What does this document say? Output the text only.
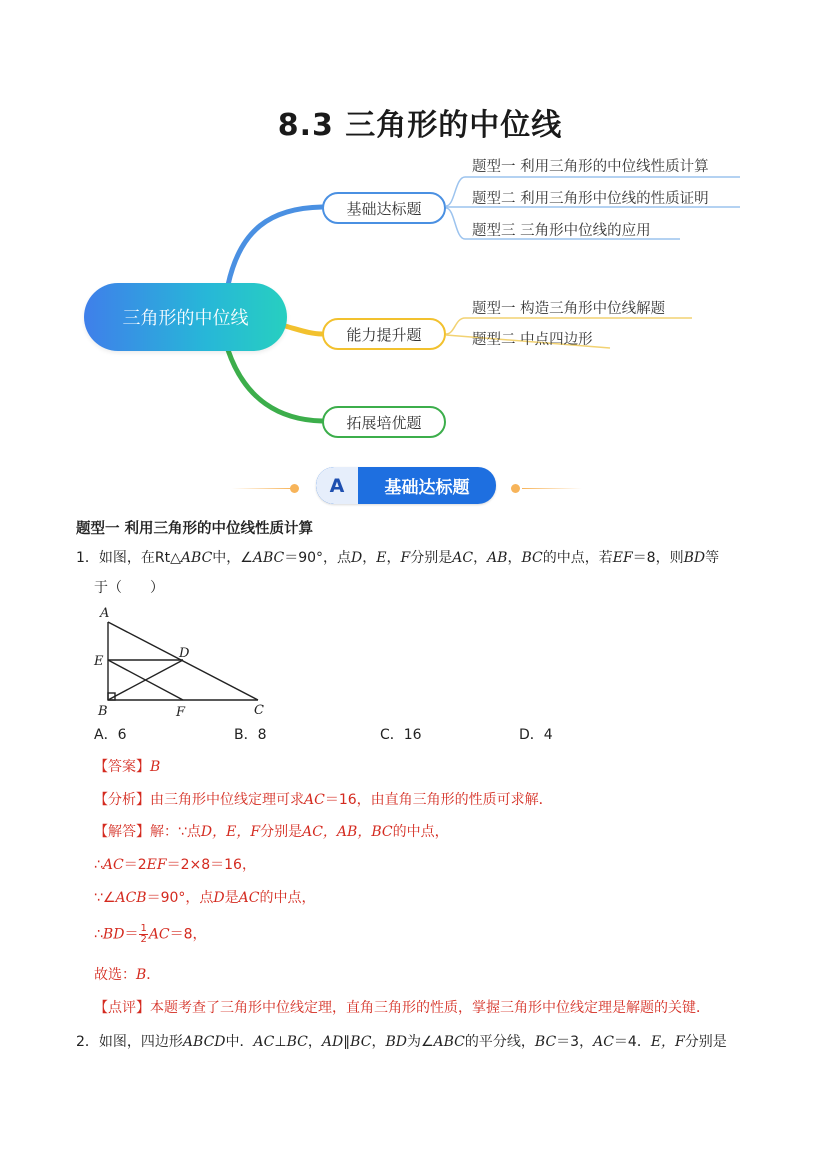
8.3 三角形的中位线
三角形的中位线
基础达标题
能力提升题
拓展培优题
题型一 利用三角形的中位线性质计算
题型二 利用三角形中位线的性质证明
题型三 三角形中位线的应用
题型一 构造三角形中位线解题
题型二 中点四边形
A	基础达标题
题型一 利用三角形的中位线性质计算
1．如图，在Rt△ABC中，∠ABC＝90°，点D，E，F分别是AC，AB，BC的中点，若EF＝8，则BD等
于（　　）
A
E
D
B	F	C
A．6	B．8	C．16	D．4
【答案】B
【分析】由三角形中位线定理可求AC＝16，由直角三角形的性质可求解．
【解答】解：∵点D，E，F分别是AC，AB，BC的中点，
∴AC＝2EF＝2×8＝16，
∵∠ACB＝90°，点D是AC的中点，
∴BD＝ $\frac{1}{2} AC=8$，
故选：B．
【点评】本题考查了三角形中位线定理，直角三角形的性质，掌握三角形中位线定理是解题的关键．
2．如图，四边形ABCD中．AC⊥BC，AD∥BC，BD为∠ABC的平分线，BC＝3，AC＝4．E，F分别是
